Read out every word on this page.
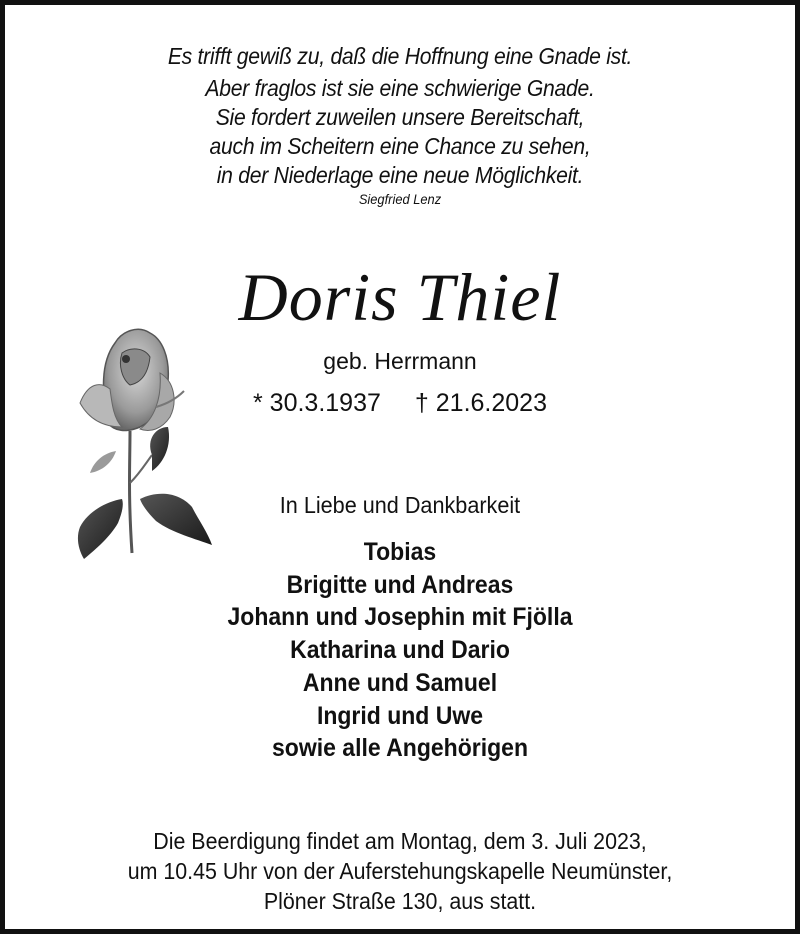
Es trifft gewiß zu, daß die Hoffnung eine Gnade ist.
Aber fraglos ist sie eine schwierige Gnade.
Sie fordert zuweilen unsere Bereitschaft,
auch im Scheitern eine Chance zu sehen,
in der Niederlage eine neue Möglichkeit.
Siegfried Lenz
Doris Thiel
geb. Herrmann
* 30.3.1937 † 21.6.2023
In Liebe und Dankbarkeit
Tobias
Brigitte und Andreas
Johann und Josephin mit Fjölla
Katharina und Dario
Anne und Samuel
Ingrid und Uwe
sowie alle Angehörigen
Die Beerdigung findet am Montag, dem 3. Juli 2023,
um 10.45 Uhr von der Auferstehungskapelle Neumünster,
Plöner Straße 130, aus statt.
